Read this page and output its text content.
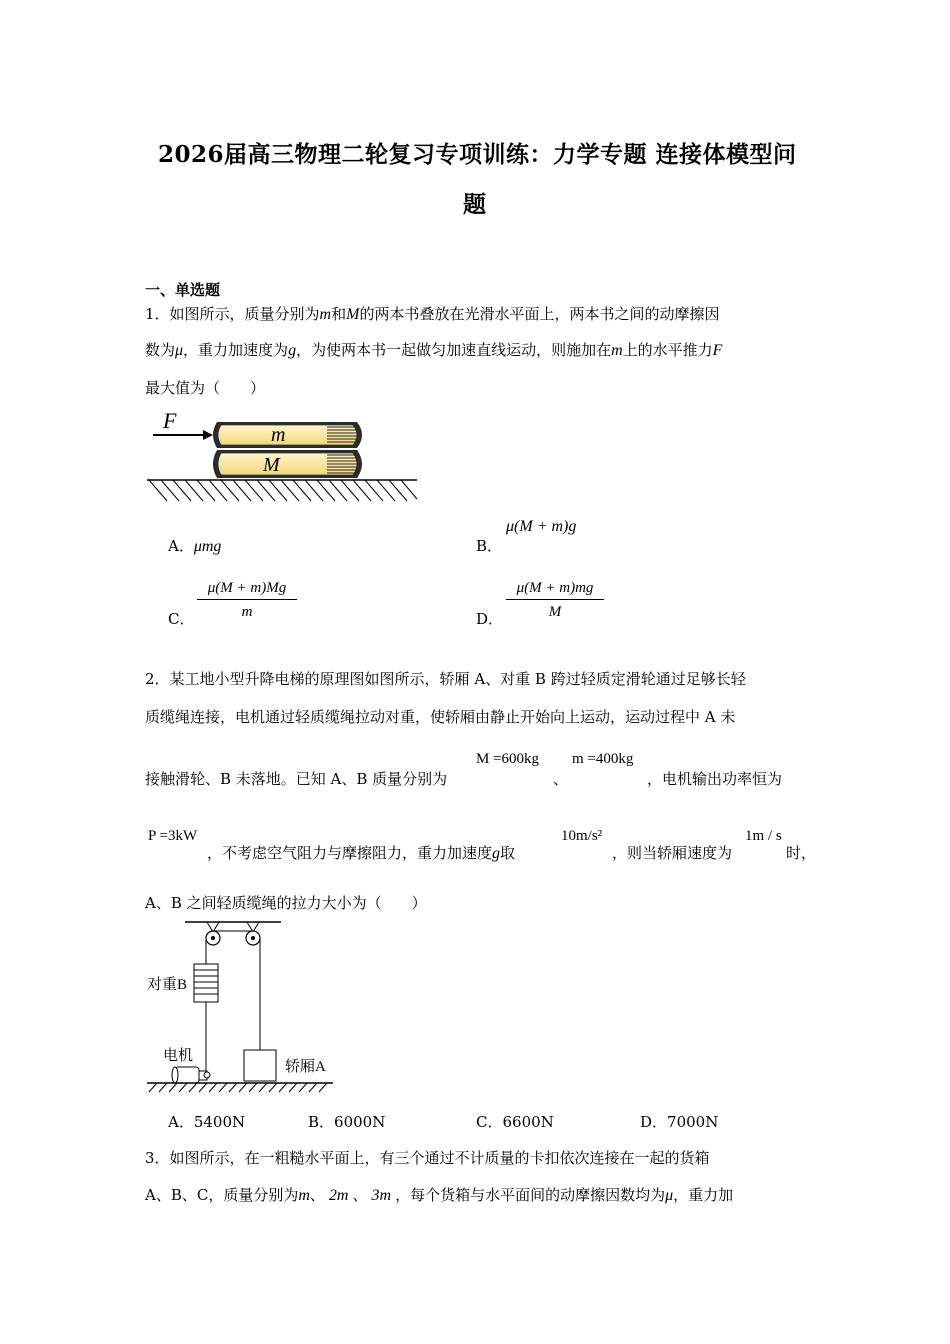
2026届高三物理二轮复习专项训练：力学专题 连接体模型问
题
一、单选题
1．如图所示，质量分别为m和M的两本书叠放在光滑水平面上，两本书之间的动摩擦因
数为μ，重力加速度为g，为使两本书一起做匀加速直线运动，则施加在m上的水平推力F
最大值为（　　）
F
m
M
A．μmg	B．
μ(M + m)g
C． $\frac{\mu(M + m)Mg}{m}$	D． $\frac{\mu(M + m)mg}{M}$
2．某工地小型升降电梯的原理图如图所示，轿厢 A、对重 B 跨过轻质定滑轮通过足够长轻
质缆绳连接，电机通过轻质缆绳拉动对重，使轿厢由静止开始向上运动，运动过程中 A 未
接触滑轮、B 未落地。已知 A、B 质量分别为
M =600kg
、
m =400kg
，电机输出功率恒为
P =3kW
，不考虑空气阻力与摩擦阻力，重力加速度g取
10m/s²
，则当轿厢速度为
1m / s
时，
A、B 之间轻质缆绳的拉力大小为（　　）
对重B
轿厢A
电机
A．5400N	B．6000N	C．6600N	D．7000N
3．如图所示，在一粗糙水平面上，有三个通过不计质量的卡扣依次连接在一起的货箱
A、B、C，质量分别为m、 2m 、 3m ，每个货箱与水平面间的动摩擦因数均为μ，重力加
